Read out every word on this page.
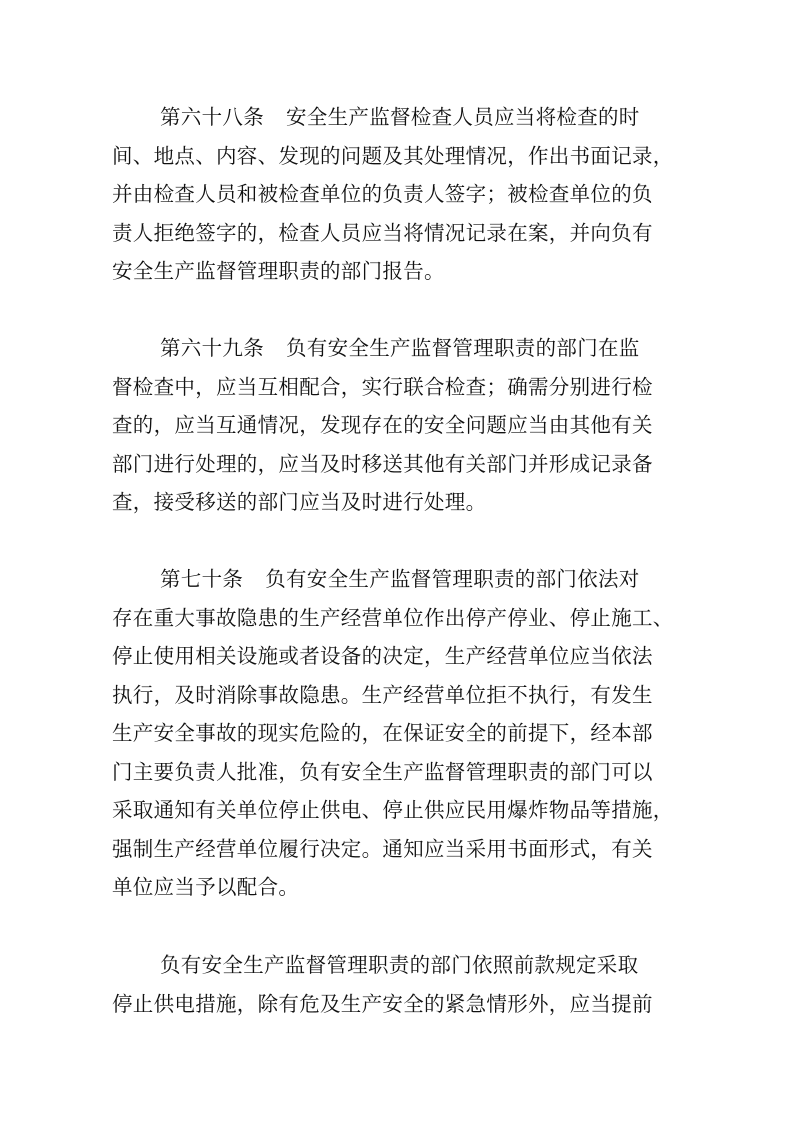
第六十八条 安全生产监督检查人员应当将检查的时
间、地点、内容、发现的问题及其处理情况，作出书面记录，
并由检查人员和被检查单位的负责人签字；被检查单位的负
责人拒绝签字的，检查人员应当将情况记录在案，并向负有
安全生产监督管理职责的部门报告。
第六十九条 负有安全生产监督管理职责的部门在监
督检查中，应当互相配合，实行联合检查；确需分别进行检
查的，应当互通情况，发现存在的安全问题应当由其他有关
部门进行处理的，应当及时移送其他有关部门并形成记录备
查，接受移送的部门应当及时进行处理。
第七十条 负有安全生产监督管理职责的部门依法对
存在重大事故隐患的生产经营单位作出停产停业、停止施工、
停止使用相关设施或者设备的决定，生产经营单位应当依法
执行，及时消除事故隐患。生产经营单位拒不执行，有发生
生产安全事故的现实危险的，在保证安全的前提下，经本部
门主要负责人批准，负有安全生产监督管理职责的部门可以
采取通知有关单位停止供电、停止供应民用爆炸物品等措施，
强制生产经营单位履行决定。通知应当采用书面形式，有关
单位应当予以配合。
负有安全生产监督管理职责的部门依照前款规定采取
停止供电措施，除有危及生产安全的紧急情形外，应当提前
